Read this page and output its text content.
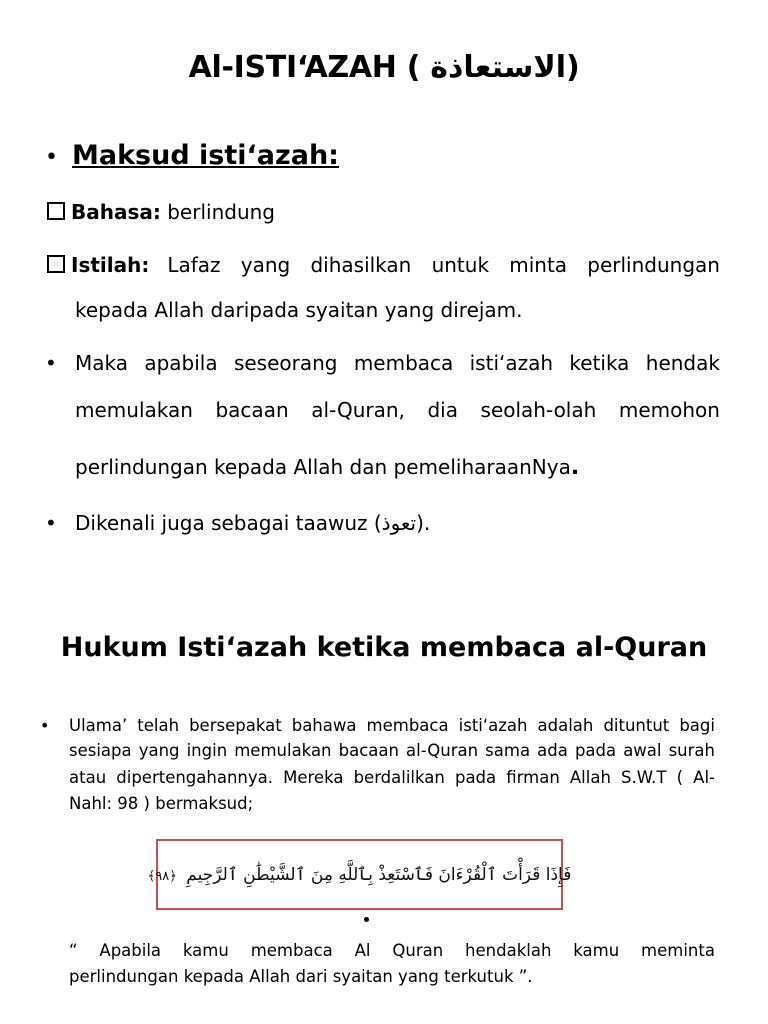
Al-ISTI‘AZAH ( الاستعاذة)
• Maksud isti‘azah:
Bahasa: berlindung
Istilah: Lafaz yang dihasilkan untuk minta perlindungan
kepada Allah daripada syaitan yang direjam.
• Maka apabila seseorang membaca isti‘azah ketika hendak
memulakan bacaan al-Quran, dia seolah-olah memohon
perlindungan kepada Allah dan pemeliharaanNya.
• Dikenali juga sebagai taawuz (تعوذ).
Hukum Isti‘azah ketika membaca al-Quran
• Ulama’ telah bersepakat bahawa membaca isti‘azah adalah dituntut bagi
sesiapa yang ingin memulakan bacaan al-Quran sama ada pada awal surah
atau dipertengahannya. Mereka berdalilkan pada firman Allah S.W.T ( Al-
Nahl: 98 ) bermaksud;
فَإِذَا قَرَأْتَ ٱلْقُرْءَانَ فَٱسْتَعِذْ بِٱللَّهِ مِنَ ٱلشَّيْطَٰنِ ٱلرَّجِيمِ ﴿٩٨﴾
“ Apabila kamu membaca Al Quran hendaklah kamu meminta
perlindungan kepada Allah dari syaitan yang terkutuk ”.
